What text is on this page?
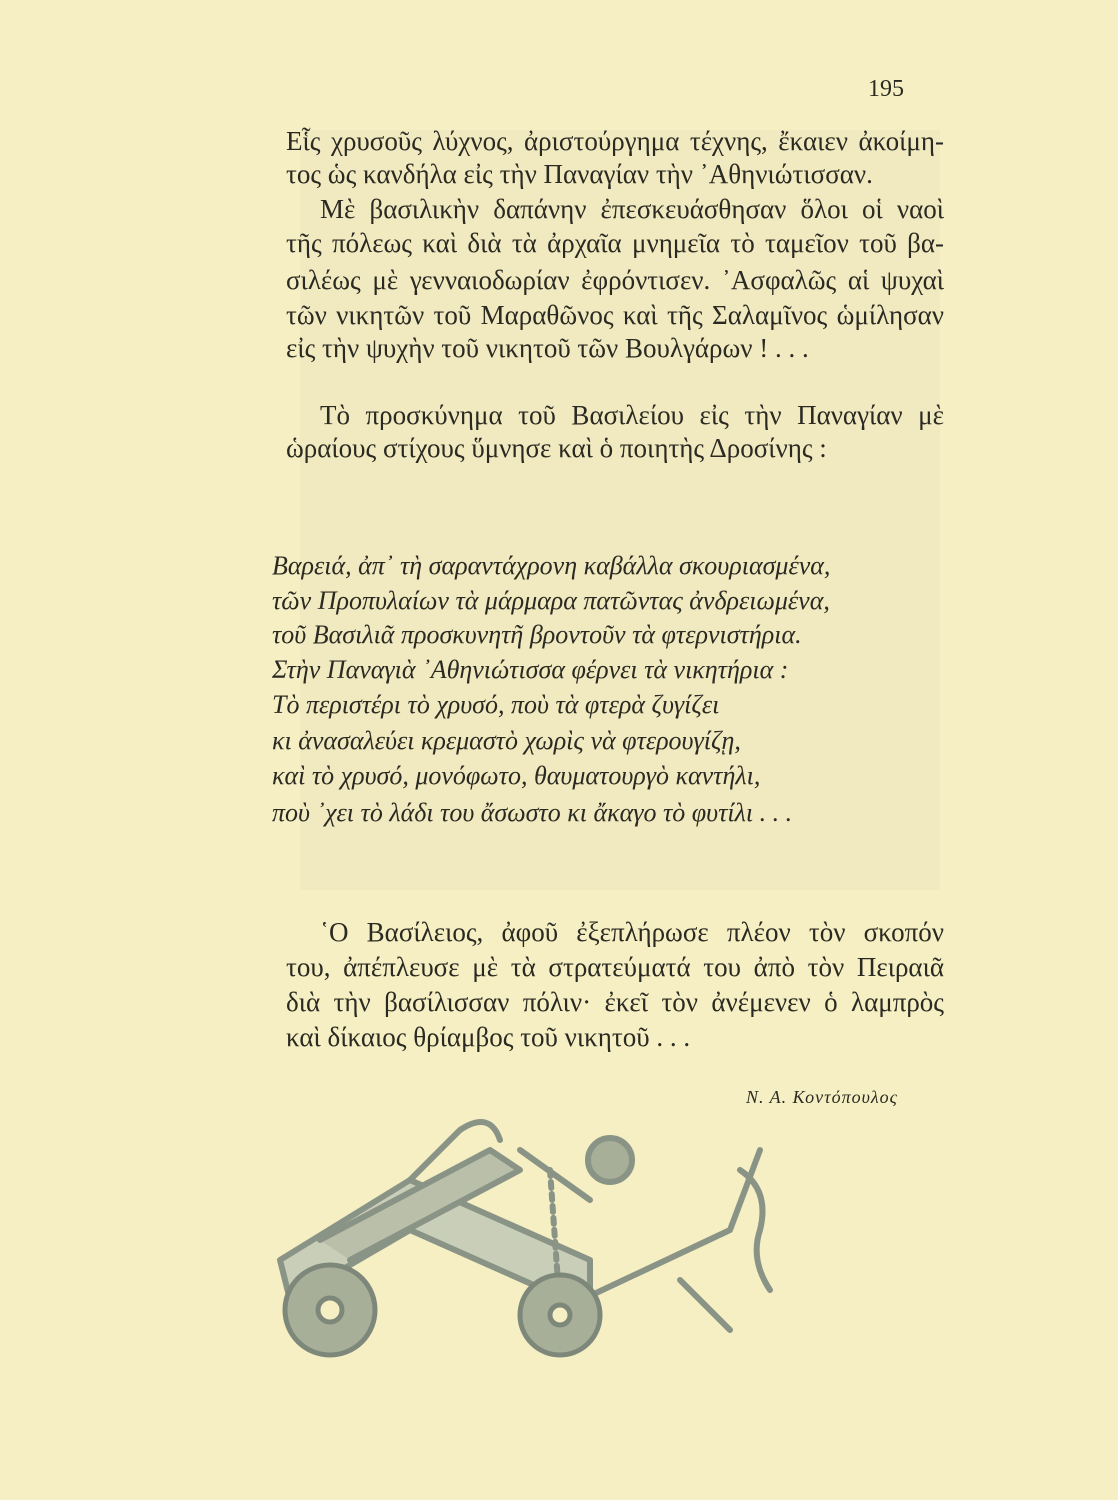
195
Εἷς χρυσοῦς λύχνος, ἀριστούργημα τέχνης, ἔκαιεν ἀκοίμη-
τος ὡς κανδήλα εἰς τὴν Παναγίαν τὴν ᾿Αθηνιώτισσαν.
Μὲ βασιλικὴν δαπάνην ἐπεσκευάσθησαν ὅλοι οἱ ναοὶ
τῆς πόλεως καὶ διὰ τὰ ἀρχαῖα μνημεῖα τὸ ταμεῖον τοῦ βα-
σιλέως μὲ γενναιοδωρίαν ἐφρόντισεν. ᾿Ασφαλῶς αἱ ψυχαὶ
τῶν νικητῶν τοῦ Μαραθῶνος καὶ τῆς Σαλαμῖνος ὡμίλησαν
εἰς τὴν ψυχὴν τοῦ νικητοῦ τῶν Βουλγάρων ! . . .
Τὸ προσκύνημα τοῦ Βασιλείου εἰς τὴν Παναγίαν μὲ
ὡραίους στίχους ὕμνησε καὶ ὁ ποιητὴς Δροσίνης :
Βαρειά, ἀπ᾿ τὴ σαραντάχρονη καβάλλα σκουριασμένα,
τῶν Προπυλαίων τὰ μάρμαρα πατῶντας ἀνδρειωμένα,
τοῦ Βασιλιᾶ προσκυνητῆ βροντοῦν τὰ φτερνιστήρια.
Στὴν Παναγιὰ ᾿Αθηνιώτισσα φέρνει τὰ νικητήρια :
Τὸ περιστέρι τὸ χρυσό, ποὺ τὰ φτερὰ ζυγίζει
κι ἀνασαλεύει κρεμαστὸ χωρὶς νὰ φτερουγίζῃ,
καὶ τὸ χρυσό, μονόφωτο, θαυματουργὸ καντήλι,
ποὺ ᾿χει τὸ λάδι του ἄσωστο κι ἄκαγο τὸ φυτίλι . . .
῾Ο Βασίλειος, ἀφοῦ ἐξεπλήρωσε πλέον τὸν σκοπόν
του, ἀπέπλευσε μὲ τὰ στρατεύματά του ἀπὸ τὸν Πειραιᾶ
διὰ τὴν βασίλισσαν πόλιν· ἐκεῖ τὸν ἀνέμενεν ὁ λαμπρὸς
καὶ δίκαιος θρίαμβος τοῦ νικητοῦ . . .
Ν. Α. Κοντόπουλος
